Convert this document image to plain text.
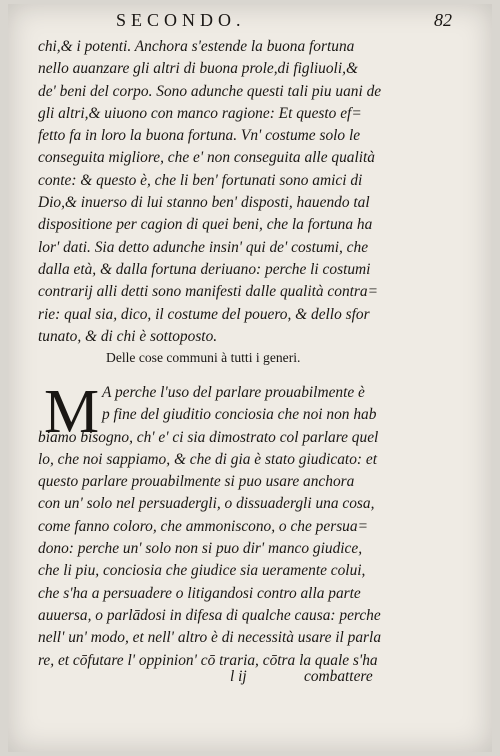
SECONDO.	82
chi,& i potenti. Anchora s'estende la buona fortuna
nello auanzare gli altri di buona prole,di figliuoli,&
de' beni del corpo. Sono adunche questi tali piu uani de
gli altri,& uiuono con manco ragione: Et questo ef=
fetto fa in loro la buona fortuna. Vn' costume solo le
conseguita migliore, che e' non conseguita alle qualità
conte: & questo è, che li ben' fortunati sono amici di
Dio,& inuerso di lui stanno ben' disposti, hauendo tal
dispositione per cagion di quei beni, che la fortuna ha
lor' dati. Sia detto adunche insin' qui de' costumi, che
dalla età, & dalla fortuna deriuano: perche li costumi
contrarij alli detti sono manifesti dalle qualità contra=
rie: qual sia, dico, il costume del pouero, & dello sfor
tunato, & di chi è sottoposto.
Delle cose communi à tutti i generi.
M A perche l'uso del parlare prouabilmente è
p fine del giuditio conciosia che noi non hab
biamo bisogno, ch' e' ci sia dimostrato col parlare quel
lo, che noi sappiamo, & che di gia è stato giudicato: et
questo parlare prouabilmente si puo usare anchora
con un' solo nel persuadergli, o dissuadergli una cosa,
come fanno coloro, che ammoniscono, o che persua=
dono: perche un' solo non si puo dir' manco giudice,
che li piu, conciosia che giudice sia ueramente colui,
che s'ha a persuadere o litigandosi contro alla parte
auuersa, o parlādosi in difesa di qualche causa: perche
nell' un' modo, et nell' altro è di necessità usare il parla
re, et cōfutare l' oppinion' cō traria, cōtra la quale s'ha
l ij	combattere
